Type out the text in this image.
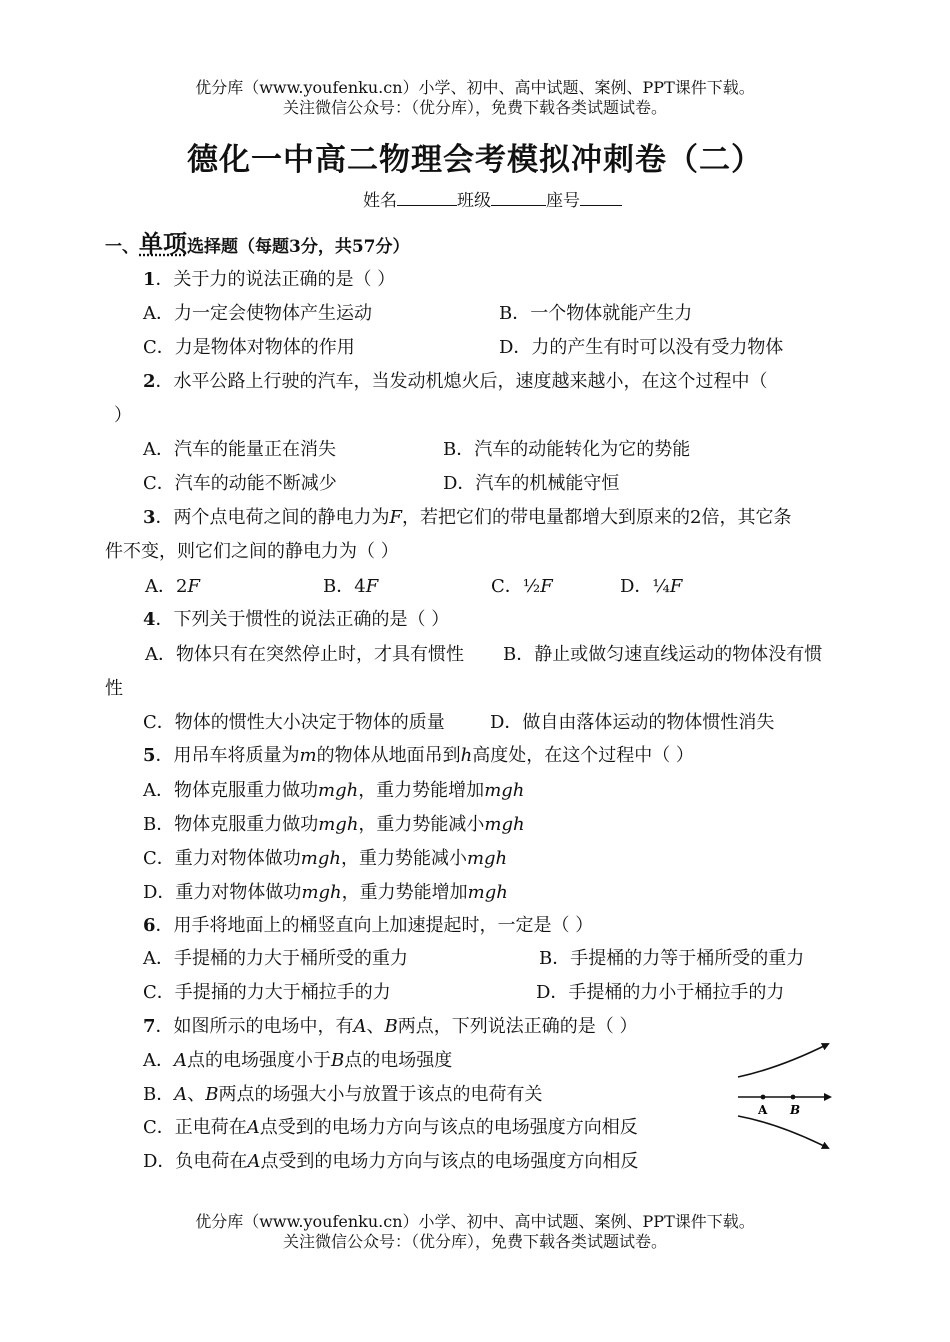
优分库（www.youfenku.cn）小学、初中、高中试题、案例、PPT课件下载。
关注微信公众号：（优分库），免费下载各类试题试卷。
德化一中高二物理会考模拟冲刺卷（二）
姓名	班级	座号
一、单项选择题（每题3分，共57分）
1．关于力的说法正确的是（ ）
A．力一定会使物体产生运动	B．一个物体就能产生力
C．力是物体对物体的作用	D．力的产生有时可以没有受力物体
2．水平公路上行驶的汽车，当发动机熄火后，速度越来越小，在这个过程中（
）
A．汽车的能量正在消失	B．汽车的动能转化为它的势能
C．汽车的动能不断减少	D．汽车的机械能守恒
3．两个点电荷之间的静电力为F，若把它们的带电量都增大到原来的2倍，其它条
件不变，则它们之间的静电力为（ ）
A．2F	B．4F	C．½F	D．¼F
4．下列关于惯性的说法正确的是（ ）
A．物体只有在突然停止时，才具有惯性 B．静止或做匀速直线运动的物体没有惯
性
C．物体的惯性大小决定于物体的质量	D．做自由落体运动的物体惯性消失
5．用吊车将质量为m的物体从地面吊到h高度处，在这个过程中（ ）
A．物体克服重力做功mgh，重力势能增加mgh
B．物体克服重力做功mgh，重力势能减小mgh
C．重力对物体做功mgh，重力势能减小mgh
D．重力对物体做功mgh，重力势能增加mgh
6．用手将地面上的桶竖直向上加速提起时，一定是（ ）
A．手提桶的力大于桶所受的重力	B．手提桶的力等于桶所受的重力
C．手提捅的力大于桶拉手的力	D．手提桶的力小于桶拉手的力
7．如图所示的电场中，有A、B两点，下列说法正确的是（ ）
A．A点的电场强度小于B点的电场强度
B．A、B两点的场强大小与放置于该点的电荷有关
C．正电荷在A点受到的电场力方向与该点的电场强度方向相反
D．负电荷在A点受到的电场力方向与该点的电场强度方向相反
A B
优分库（www.youfenku.cn）小学、初中、高中试题、案例、PPT课件下载。
关注微信公众号：（优分库），免费下载各类试题试卷。
